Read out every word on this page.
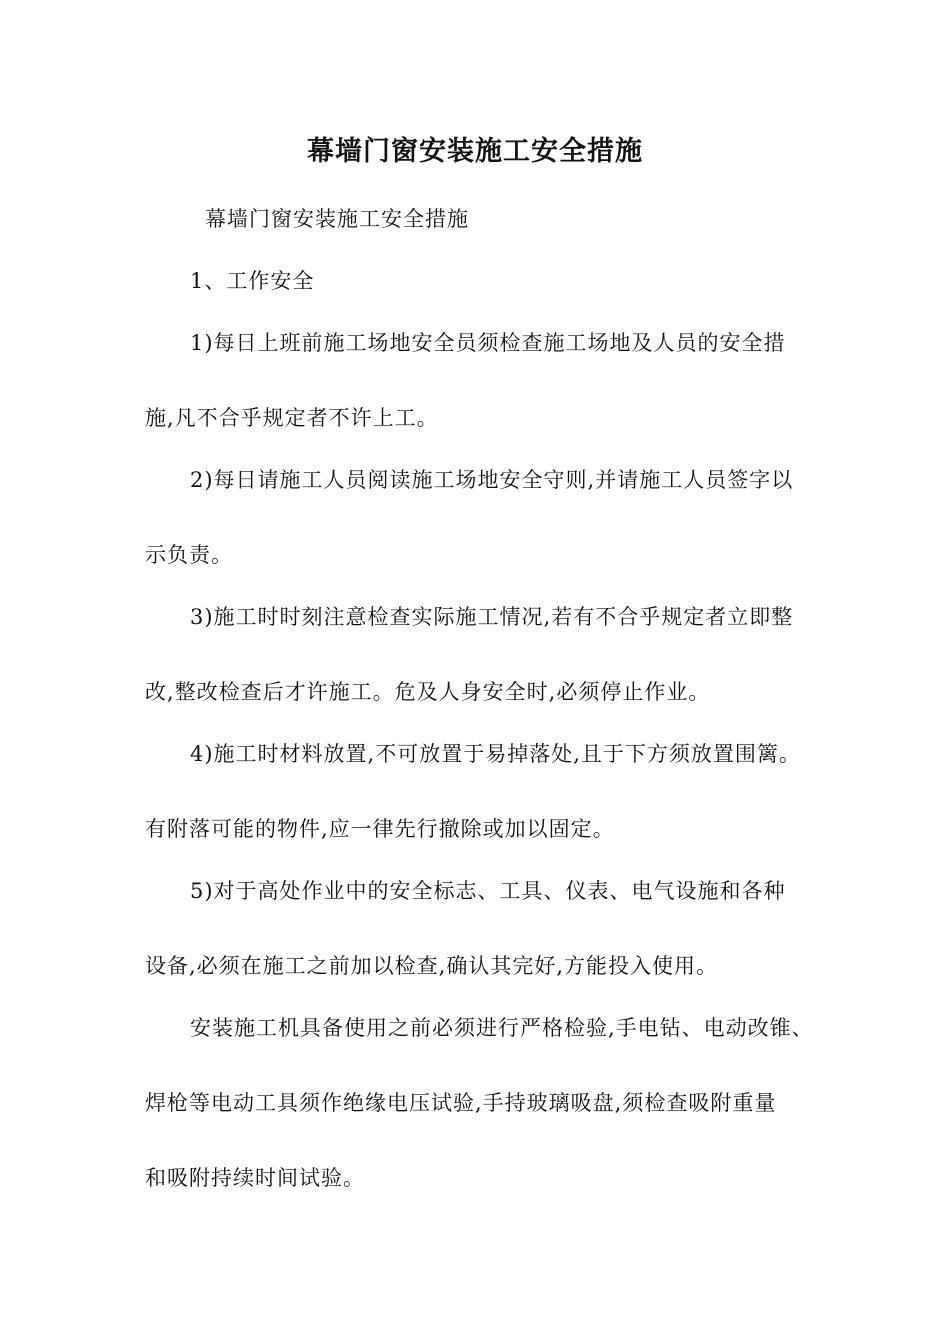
幕墙门窗安装施工安全措施
幕墙门窗安装施工安全措施
1、工作安全
1)每日上班前施工场地安全员须检查施工场地及人员的安全措
施,凡不合乎规定者不许上工。
2)每日请施工人员阅读施工场地安全守则,并请施工人员签字以
示负责。
3)施工时时刻注意检查实际施工情况,若有不合乎规定者立即整
改,整改检查后才许施工。危及人身安全时,必须停止作业。
4)施工时材料放置,不可放置于易掉落处,且于下方须放置围篱。
有附落可能的物件,应一律先行撤除或加以固定。
5)对于高处作业中的安全标志、工具、仪表、电气设施和各种
设备,必须在施工之前加以检查,确认其完好,方能投入使用。
安装施工机具备使用之前必须进行严格检验,手电钻、电动改锥、
焊枪等电动工具须作绝缘电压试验,手持玻璃吸盘,须检查吸附重量
和吸附持续时间试验。
